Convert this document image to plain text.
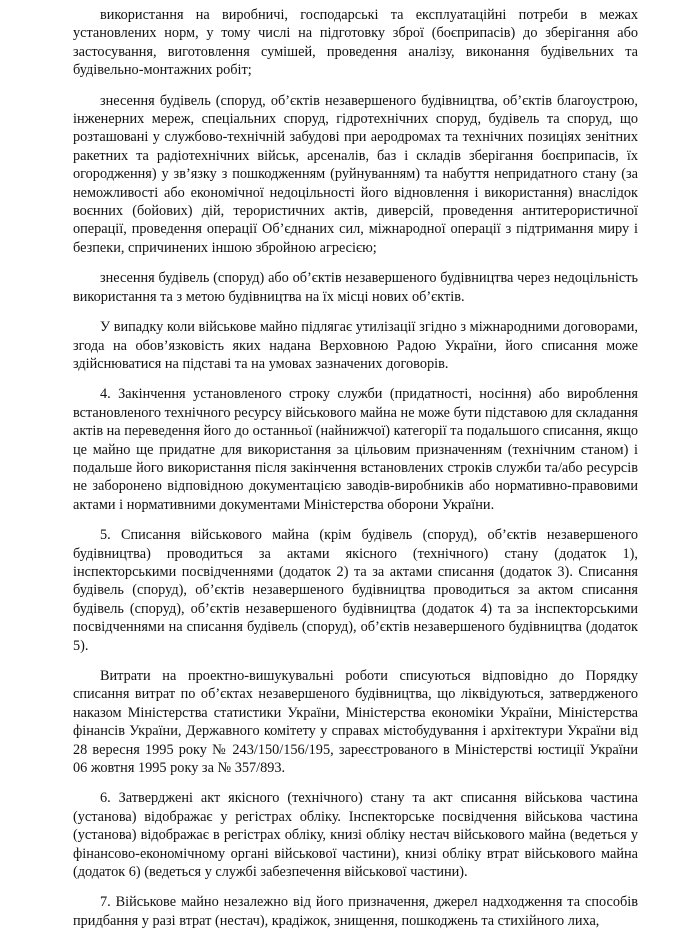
використання на виробничі, господарські та експлуатаційні потреби в межах установлених норм, у тому числі на підготовку зброї (боєприпасів) до зберігання або застосування, виготовлення сумішей, проведення аналізу, виконання будівельних та будівельно-монтажних робіт;

знесення будівель (споруд, об’єктів незавершеного будівництва, об’єктів благоустрою, інженерних мереж, спеціальних споруд, гідротехнічних споруд, будівель та споруд, що розташовані у службово-технічній забудові при аеродромах та технічних позиціях зенітних ракетних та радіотехнічних військ, арсеналів, баз і складів зберігання боєприпасів, їх огородження) у зв’язку з пошкодженням (руйнуванням) та набуття непридатного стану (за неможливості або економічної недоцільності його відновлення і використання) внаслідок воєнних (бойових) дій, терористичних актів, диверсій, проведення антитерористичної операції, проведення операції Об’єднаних сил, міжнародної операції з підтримання миру і безпеки, спричинених іншою збройною агресією;

знесення будівель (споруд) або об’єктів незавершеного будівництва через недоцільність використання та з метою будівництва на їх місці нових об’єктів.

У випадку коли військове майно підлягає утилізації згідно з міжнародними договорами, згода на обов’язковість яких надана Верховною Радою України, його списання може здійснюватися на підставі та на умовах зазначених договорів.

4. Закінчення установленого строку служби (придатності, носіння) або вироблення встановленого технічного ресурсу військового майна не може бути підставою для складання актів на переведення його до останньої (найнижчої) категорії та подальшого списання, якщо це майно ще придатне для використання за цільовим призначенням (технічним станом) і подальше його використання після закінчення встановлених строків служби та/або ресурсів не заборонено відповідною документацією заводів-виробників або нормативно-правовими актами і нормативними документами Міністерства оборони України.

5. Списання військового майна (крім будівель (споруд), об’єктів незавершеного будівництва) проводиться за актами якісного (технічного) стану (додаток 1), інспекторськими посвідченнями (додаток 2) та за актами списання (додаток 3). Списання будівель (споруд), об’єктів незавершеного будівництва проводиться за актом списання будівель (споруд), об’єктів незавершеного будівництва (додаток 4) та за інспекторськими посвідченнями на списання будівель (споруд), об’єктів незавершеного будівництва (додаток 5).

Витрати на проектно-вишукувальні роботи списуються відповідно до Порядку списання витрат по об’єктах незавершеного будівництва, що ліквідуються, затвердженого наказом Міністерства статистики України, Міністерства економіки України, Міністерства фінансів України, Державного комітету у справах містобудування і архітектури України від 28 вересня 1995 року № 243/150/156/195, зареєстрованого в Міністерстві юстиції України 06 жовтня 1995 року за № 357/893.

6. Затверджені акт якісного (технічного) стану та акт списання військова частина (установа) відображає у регістрах обліку. Інспекторське посвідчення військова частина (установа) відображає в регістрах обліку, книзі обліку нестач військового майна (ведеться у фінансово-економічному органі військової частини), книзі обліку втрат військового майна (додаток 6) (ведеться у службі забезпечення військової частини).

7. Військове майно незалежно від його призначення, джерел надходження та способів придбання у разі втрат (нестач), крадіжок, знищення, пошкоджень та стихійного лиха,
